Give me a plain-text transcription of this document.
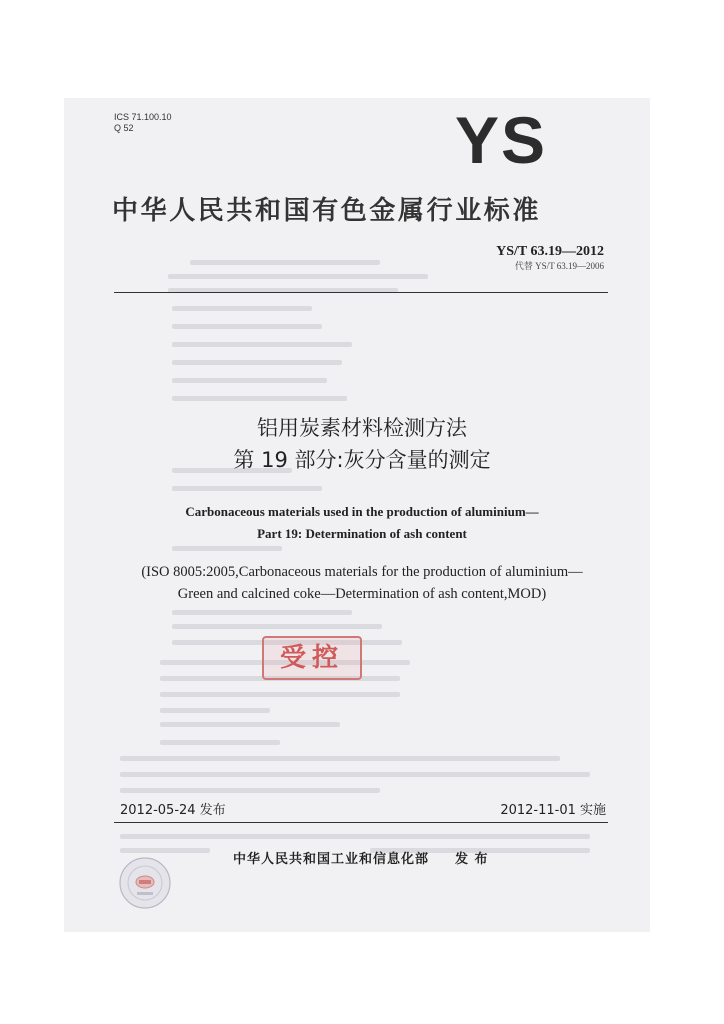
ICS 71.100.10
Q 52	YS
中华人民共和国有色金属行业标准
YS/T 63.19—2012
代替 YS/T 63.19—2006
铝用炭素材料检测方法
第 19 部分:灰分含量的测定
Carbonaceous materials used in the production of aluminium—
Part 19: Determination of ash content
(ISO 8005:2005,Carbonaceous materials for the production of aluminium—
Green and calcined coke—Determination of ash content,MOD)
受控
2012-05-24 发布	2012-11-01 实施
中华人民共和国工业和信息化部 发 布
